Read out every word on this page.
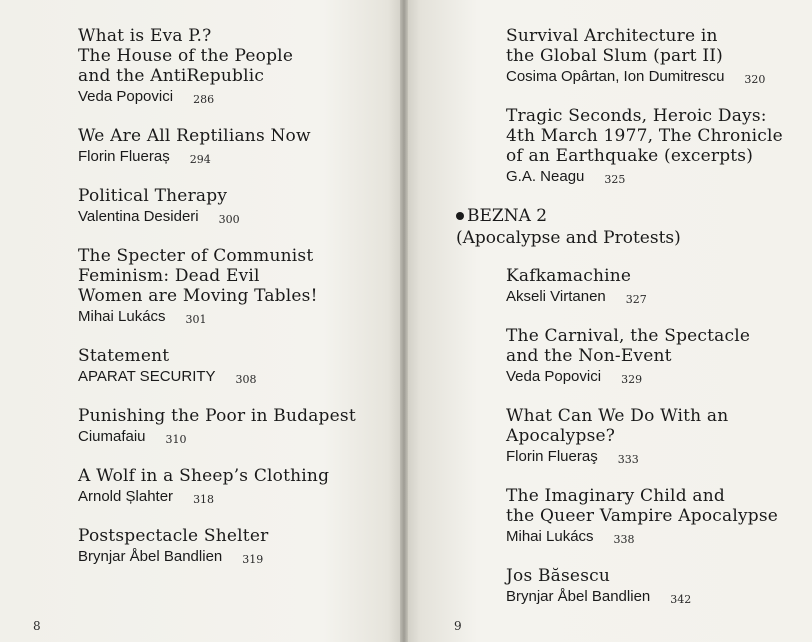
What is Eva P.?
The House of the People
and the AntiRepublic
Veda Popovici 286
We Are All Reptilians Now
Florin Flueraș 294
Political Therapy
Valentina Desideri 300
The Specter of Communist
Feminism: Dead Evil
Women are Moving Tables!
Mihai Lukács 301
Statement
APARAT SECURITY 308
Punishing the Poor in Budapest
Ciumafaiu 310
A Wolf in a Sheep’s Clothing
Arnold Șlahter 318
Postspectacle Shelter
Brynjar Åbel Bandlien 319
8
Survival Architecture in
the Global Slum (part II)
Cosima Opârtan, Ion Dumitrescu 320
Tragic Seconds, Heroic Days:
4th March 1977, The Chronicle
of an Earthquake (excerpts)
G.A. Neagu 325
BEZNA 2
(Apocalypse and Protests)
Kafkamachine
Akseli Virtanen 327
The Carnival, the Spectacle
and the Non-Event
Veda Popovici 329
What Can We Do With an
Apocalypse?
Florin Flueraş 333
The Imaginary Child and
the Queer Vampire Apocalypse
Mihai Lukács 338
Jos Băsescu
Brynjar Åbel Bandlien 342
9
